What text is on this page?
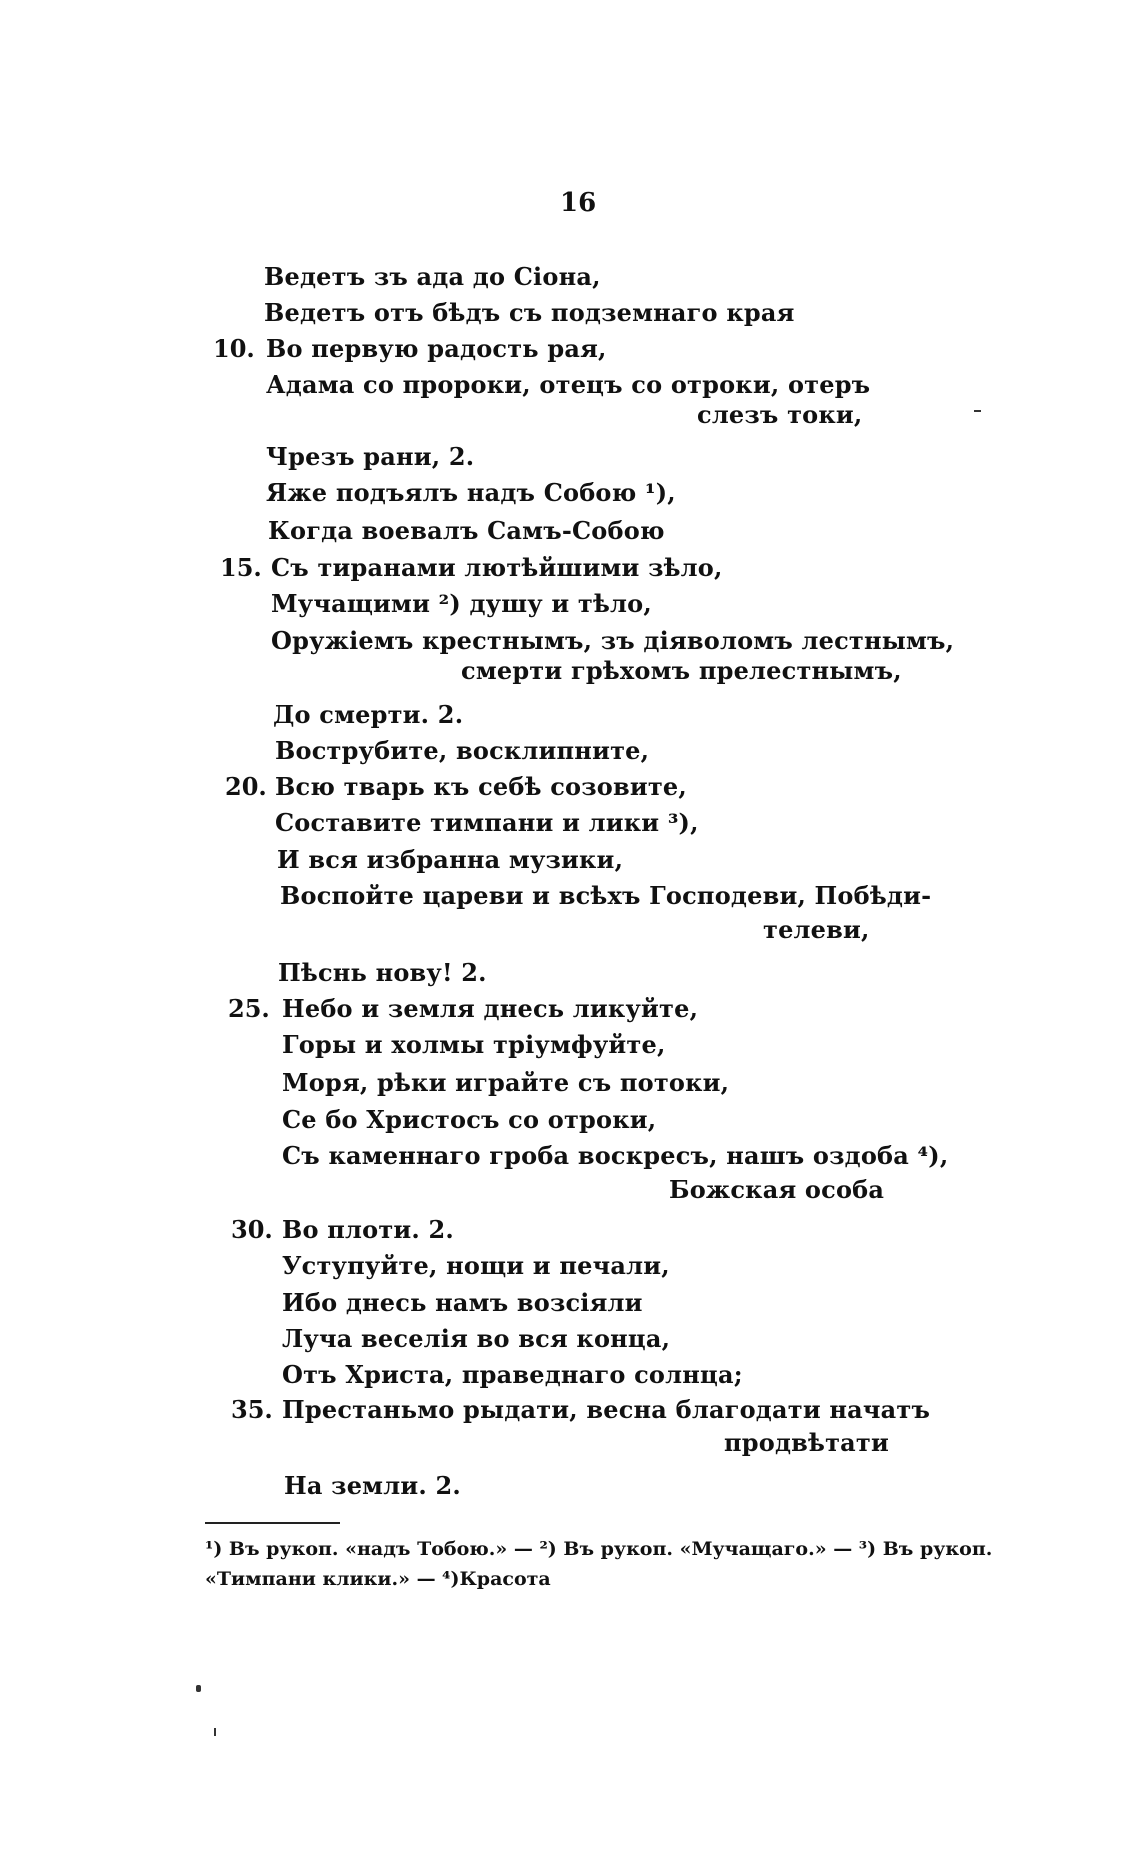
16
10.
15.
20.
25.
30.
35.
Ведетъ зъ ада до Сіона,
Ведетъ отъ бѣдъ съ подземнаго края
Во первую радость рая,
Адама со пророки, отецъ со отроки, отеръ
слезъ токи,
Чрезъ рани, 2.
Яже подъялъ надъ Собою ¹),
Когда воевалъ Самъ-Собою
Съ тиранами лютѣйшими зѣло,
Мучащими ²) душу и тѣло,
Оружіемъ крестнымъ, зъ діяволомъ лестнымъ,
смерти грѣхомъ прелестнымъ,
До смерти. 2.
Вострубите, восклипните,
Всю тварь къ себѣ созовите,
Составите тимпани и лики ³),
И вся избранна музики,
Воспойте цареви и всѣхъ Господеви, Побѣди-
телеви,
Пѣснь нову! 2.
Небо и земля днесь ликуйте,
Горы и холмы тріумфуйте,
Моря, рѣки играйте съ потоки,
Се бо Христосъ со отроки,
Съ каменнаго гроба воскресъ, нашъ оздоба ⁴),
Божская особа
Во плоти. 2.
Уступуйте, нощи и печали,
Ибо днесь намъ возсіяли
Луча веселія во вся конца,
Отъ Христа, праведнаго солнца;
Престаньмо рыдати, весна благодати начатъ
продвѣтати
На земли. 2.
¹) Въ рукоп. «надъ Тобою.» — ²) Въ рукоп. «Мучащаго.» — ³) Въ рукоп.
«Тимпани клики.» — ⁴)Красота
